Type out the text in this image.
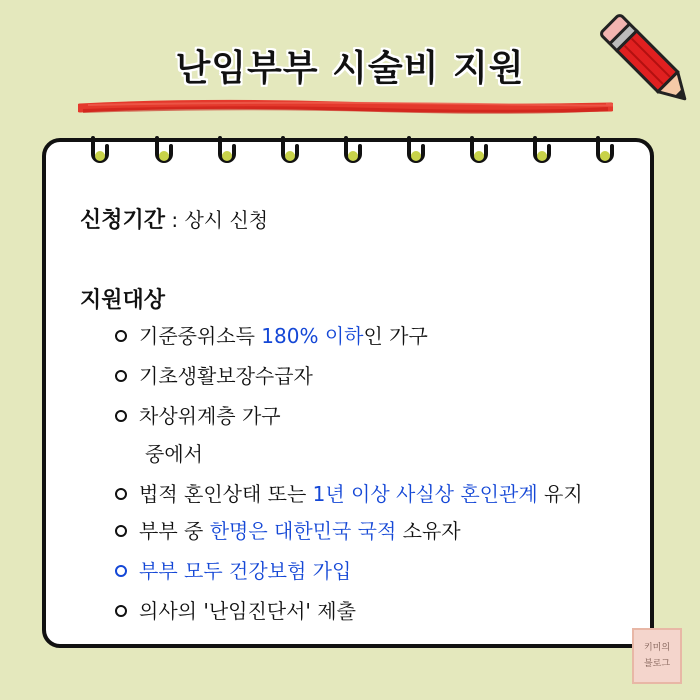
난임부부 시술비 지원
신청기간 : 상시 신청
지원대상
기준중위소득 180% 이하인 가구
기초생활보장수급자
차상위계층 가구
중에서
법적 혼인상태 또는 1년 이상 사실상 혼인관계 유지
부부 중 한명은 대한민국 국적 소유자
부부 모두 건강보험 가입
의사의 '난임진단서' 제출
키미의
블로그
